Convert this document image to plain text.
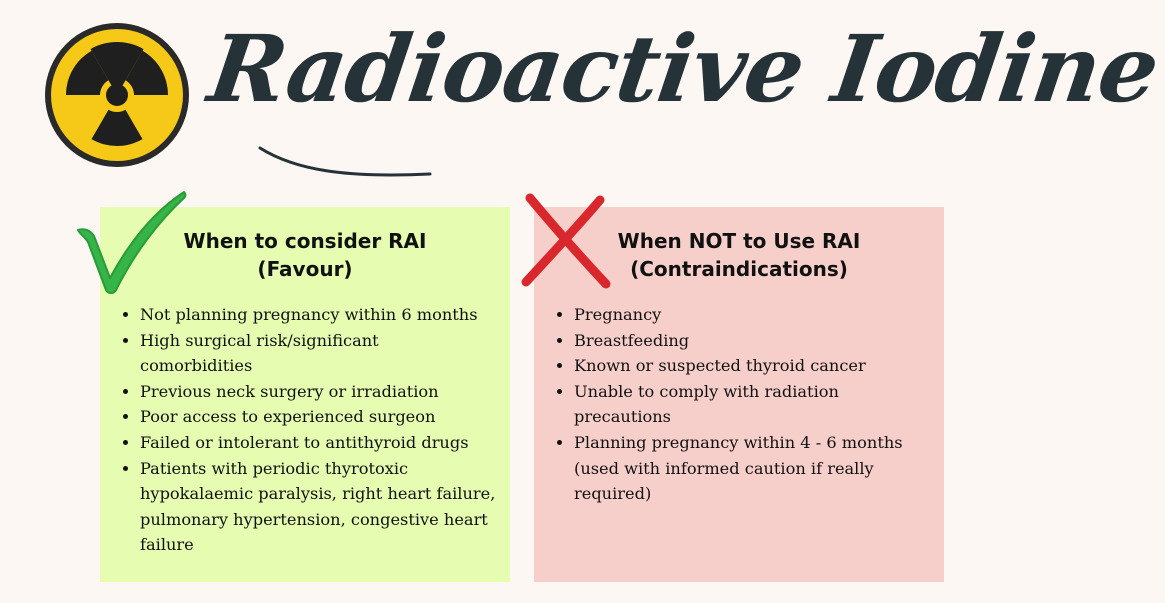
Radioactive Iodine
When to consider RAI
(Favour)
• Not planning pregnancy within 6 months
• High surgical risk/significant comorbidities
• Previous neck surgery or irradiation
• Poor access to experienced surgeon
• Failed or intolerant to antithyroid drugs
• Patients with periodic thyrotoxic hypokalaemic paralysis, right heart failure, pulmonary hypertension, congestive heart failure
When NOT to Use RAI
(Contraindications)
• Pregnancy
• Breastfeeding
• Known or suspected thyroid cancer
• Unable to comply with radiation precautions
• Planning pregnancy within 4 - 6 months (used with informed caution if really required)
